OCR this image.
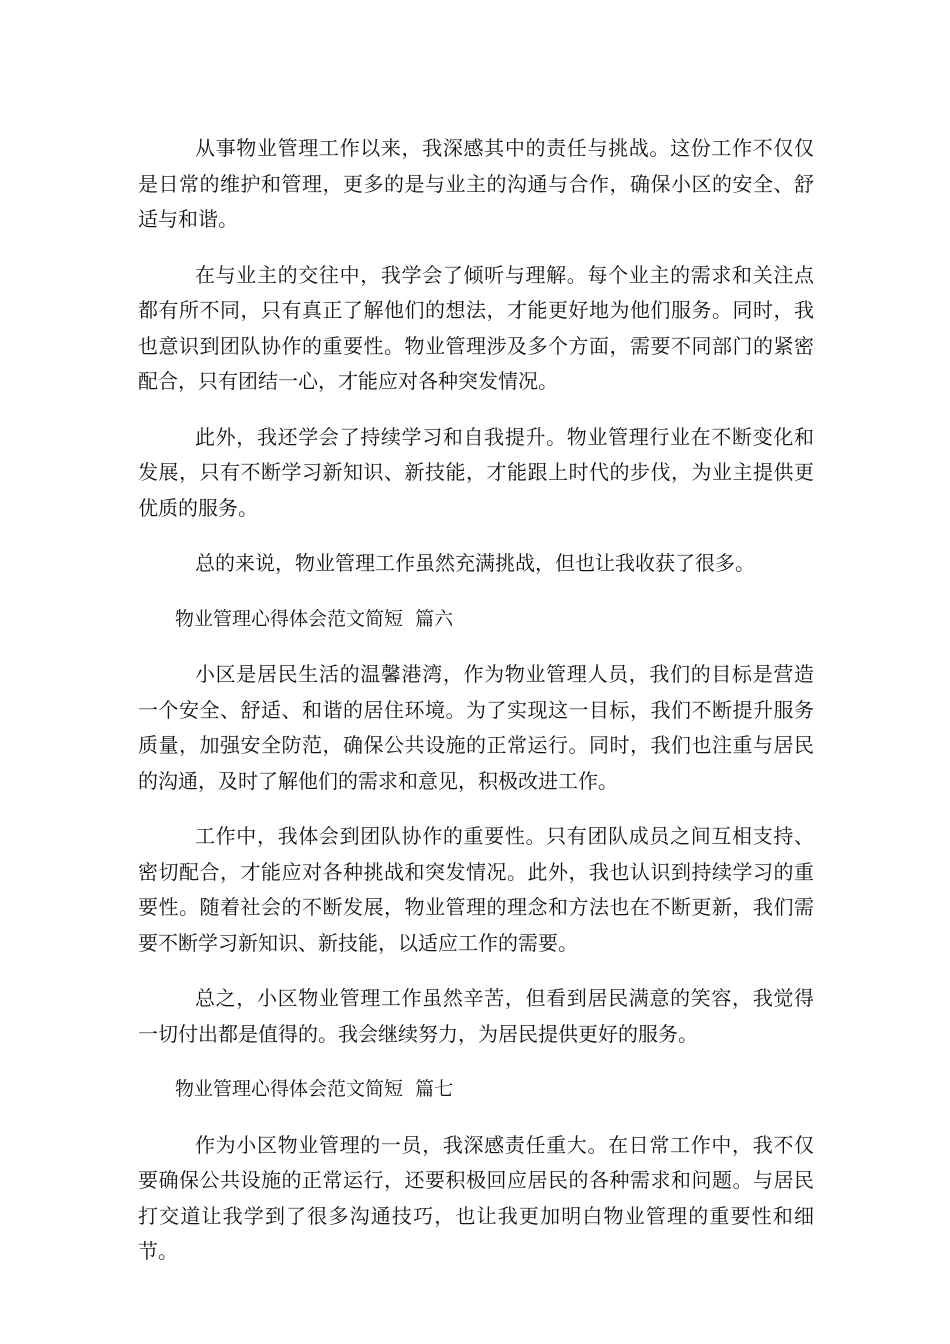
从事物业管理工作以来，我深感其中的责任与挑战。这份工作不仅仅是日常的维护和管理，更多的是与业主的沟通与合作，确保小区的安全、舒适与和谐。

在与业主的交往中，我学会了倾听与理解。每个业主的需求和关注点都有所不同，只有真正了解他们的想法，才能更好地为他们服务。同时，我也意识到团队协作的重要性。物业管理涉及多个方面，需要不同部门的紧密配合，只有团结一心，才能应对各种突发情况。

此外，我还学会了持续学习和自我提升。物业管理行业在不断变化和发展，只有不断学习新知识、新技能，才能跟上时代的步伐，为业主提供更优质的服务。

总的来说，物业管理工作虽然充满挑战，但也让我收获了很多。

物业管理心得体会范文简短  篇六

小区是居民生活的温馨港湾，作为物业管理人员，我们的目标是营造一个安全、舒适、和谐的居住环境。为了实现这一目标，我们不断提升服务质量，加强安全防范，确保公共设施的正常运行。同时，我们也注重与居民的沟通，及时了解他们的需求和意见，积极改进工作。

工作中，我体会到团队协作的重要性。只有团队成员之间互相支持、密切配合，才能应对各种挑战和突发情况。此外，我也认识到持续学习的重要性。随着社会的不断发展，物业管理的理念和方法也在不断更新，我们需要不断学习新知识、新技能，以适应工作的需要。

总之，小区物业管理工作虽然辛苦，但看到居民满意的笑容，我觉得一切付出都是值得的。我会继续努力，为居民提供更好的服务。

物业管理心得体会范文简短  篇七

作为小区物业管理的一员，我深感责任重大。在日常工作中，我不仅要确保公共设施的正常运行，还要积极回应居民的各种需求和问题。与居民打交道让我学到了很多沟通技巧，也让我更加明白物业管理的重要性和细节。
